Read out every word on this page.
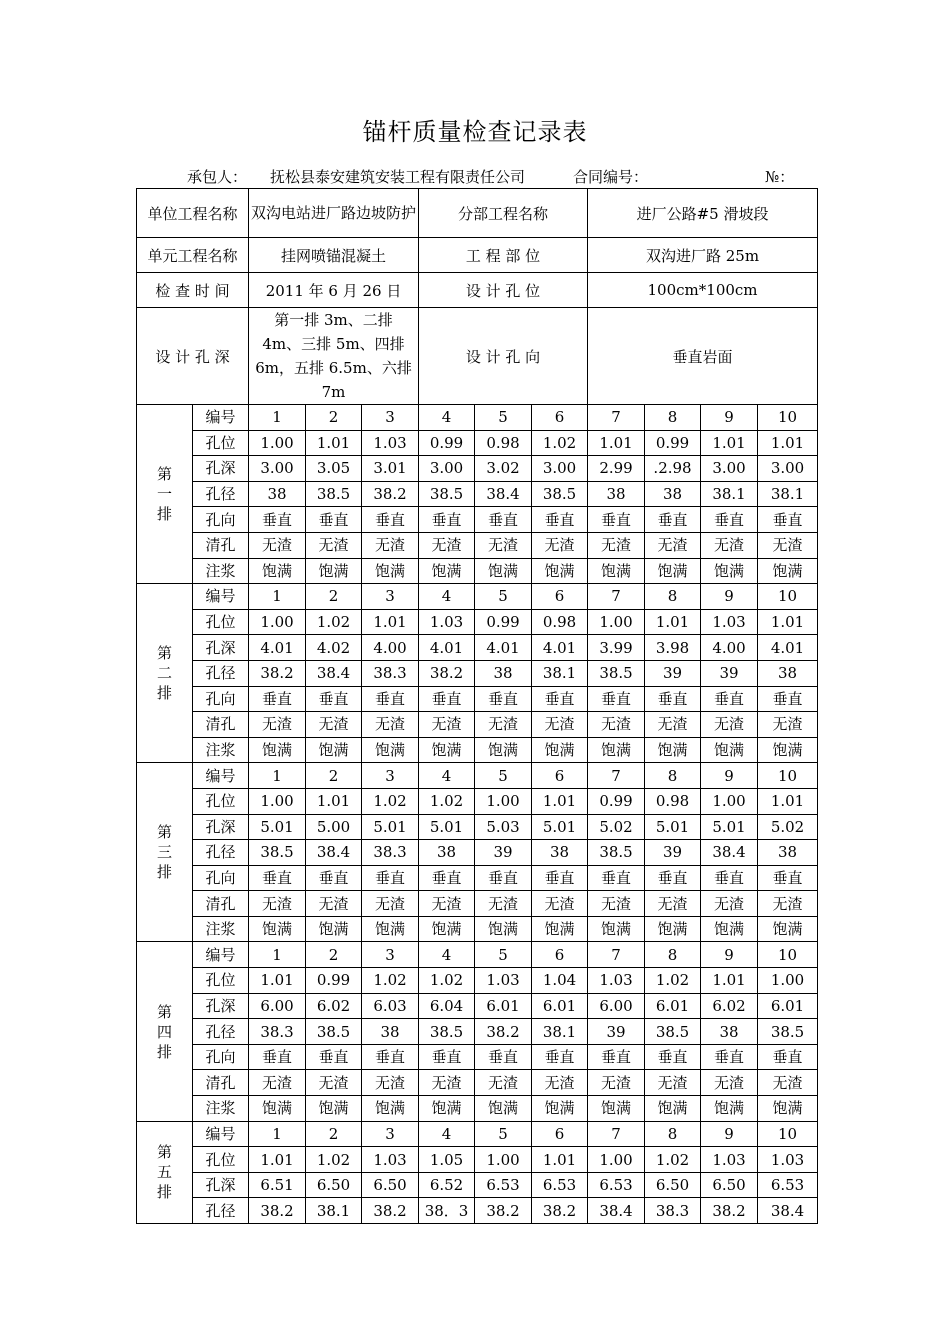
锚杆质量检查记录表
承包人： 抚松县泰安建筑安装工程有限责任公司	合同编号：	№：
单位工程名称		双沟电站进厂路边坡防护			分部工程名称			进厂公路#5 滑坡段			
单元工程名称		挂网喷锚混凝土			工 程 部 位			双沟进厂路 25m			
检 查 时 间		2011 年 6 月 26 日			设 计 孔 位			100cm*100cm			
设 计 孔 深		第一排 3m、二排 4m、三排 5m、四排 6m，五排 6.5m、六排 7m			设 计 孔 向			垂直岩面			
第
一
排	编号	1	2	3	4	5	6	7	8	9	10
	孔位	1.00	1.01	1.03	0.99	0.98	1.02	1.01	0.99	1.01	1.01
	孔深	3.00	3.05	3.01	3.00	3.02	3.00	2.99	.2.98	3.00	3.00
	孔径	38	38.5	38.2	38.5	38.4	38.5	38	38	38.1	38.1
	孔向	垂直	垂直	垂直	垂直	垂直	垂直	垂直	垂直	垂直	垂直
	清孔	无渣	无渣	无渣	无渣	无渣	无渣	无渣	无渣	无渣	无渣
	注浆	饱满	饱满	饱满	饱满	饱满	饱满	饱满	饱满	饱满	饱满
第
二
排	编号	1	2	3	4	5	6	7	8	9	10
	孔位	1.00	1.02	1.01	1.03	0.99	0.98	1.00	1.01	1.03	1.01
	孔深	4.01	4.02	4.00	4.01	4.01	4.01	3.99	3.98	4.00	4.01
	孔径	38.2	38.4	38.3	38.2	38	38.1	38.5	39	39	38
	孔向	垂直	垂直	垂直	垂直	垂直	垂直	垂直	垂直	垂直	垂直
	清孔	无渣	无渣	无渣	无渣	无渣	无渣	无渣	无渣	无渣	无渣
	注浆	饱满	饱满	饱满	饱满	饱满	饱满	饱满	饱满	饱满	饱满
第
三
排	编号	1	2	3	4	5	6	7	8	9	10
	孔位	1.00	1.01	1.02	1.02	1.00	1.01	0.99	0.98	1.00	1.01
	孔深	5.01	5.00	5.01	5.01	5.03	5.01	5.02	5.01	5.01	5.02
	孔径	38.5	38.4	38.3	38	39	38	38.5	39	38.4	38
	孔向	垂直	垂直	垂直	垂直	垂直	垂直	垂直	垂直	垂直	垂直
	清孔	无渣	无渣	无渣	无渣	无渣	无渣	无渣	无渣	无渣	无渣
	注浆	饱满	饱满	饱满	饱满	饱满	饱满	饱满	饱满	饱满	饱满
第
四
排	编号	1	2	3	4	5	6	7	8	9	10
	孔位	1.01	0.99	1.02	1.02	1.03	1.04	1.03	1.02	1.01	1.00
	孔深	6.00	6.02	6.03	6.04	6.01	6.01	6.00	6.01	6.02	6.01
	孔径	38.3	38.5	38	38.5	38.2	38.1	39	38.5	38	38.5
	孔向	垂直	垂直	垂直	垂直	垂直	垂直	垂直	垂直	垂直	垂直
	清孔	无渣	无渣	无渣	无渣	无渣	无渣	无渣	无渣	无渣	无渣
	注浆	饱满	饱满	饱满	饱满	饱满	饱满	饱满	饱满	饱满	饱满
第
五
排	编号	1	2	3	4	5	6	7	8	9	10
	孔位	1.01	1.02	1.03	1.05	1.00	1.01	1.00	1.02	1.03	1.03
	孔深	6.51	6.50	6.50	6.52	6.53	6.53	6.53	6.50	6.50	6.53
	孔径	38.2	38.1	38.2	38．3	38.2	38.2	38.4	38.3	38.2	38.4
